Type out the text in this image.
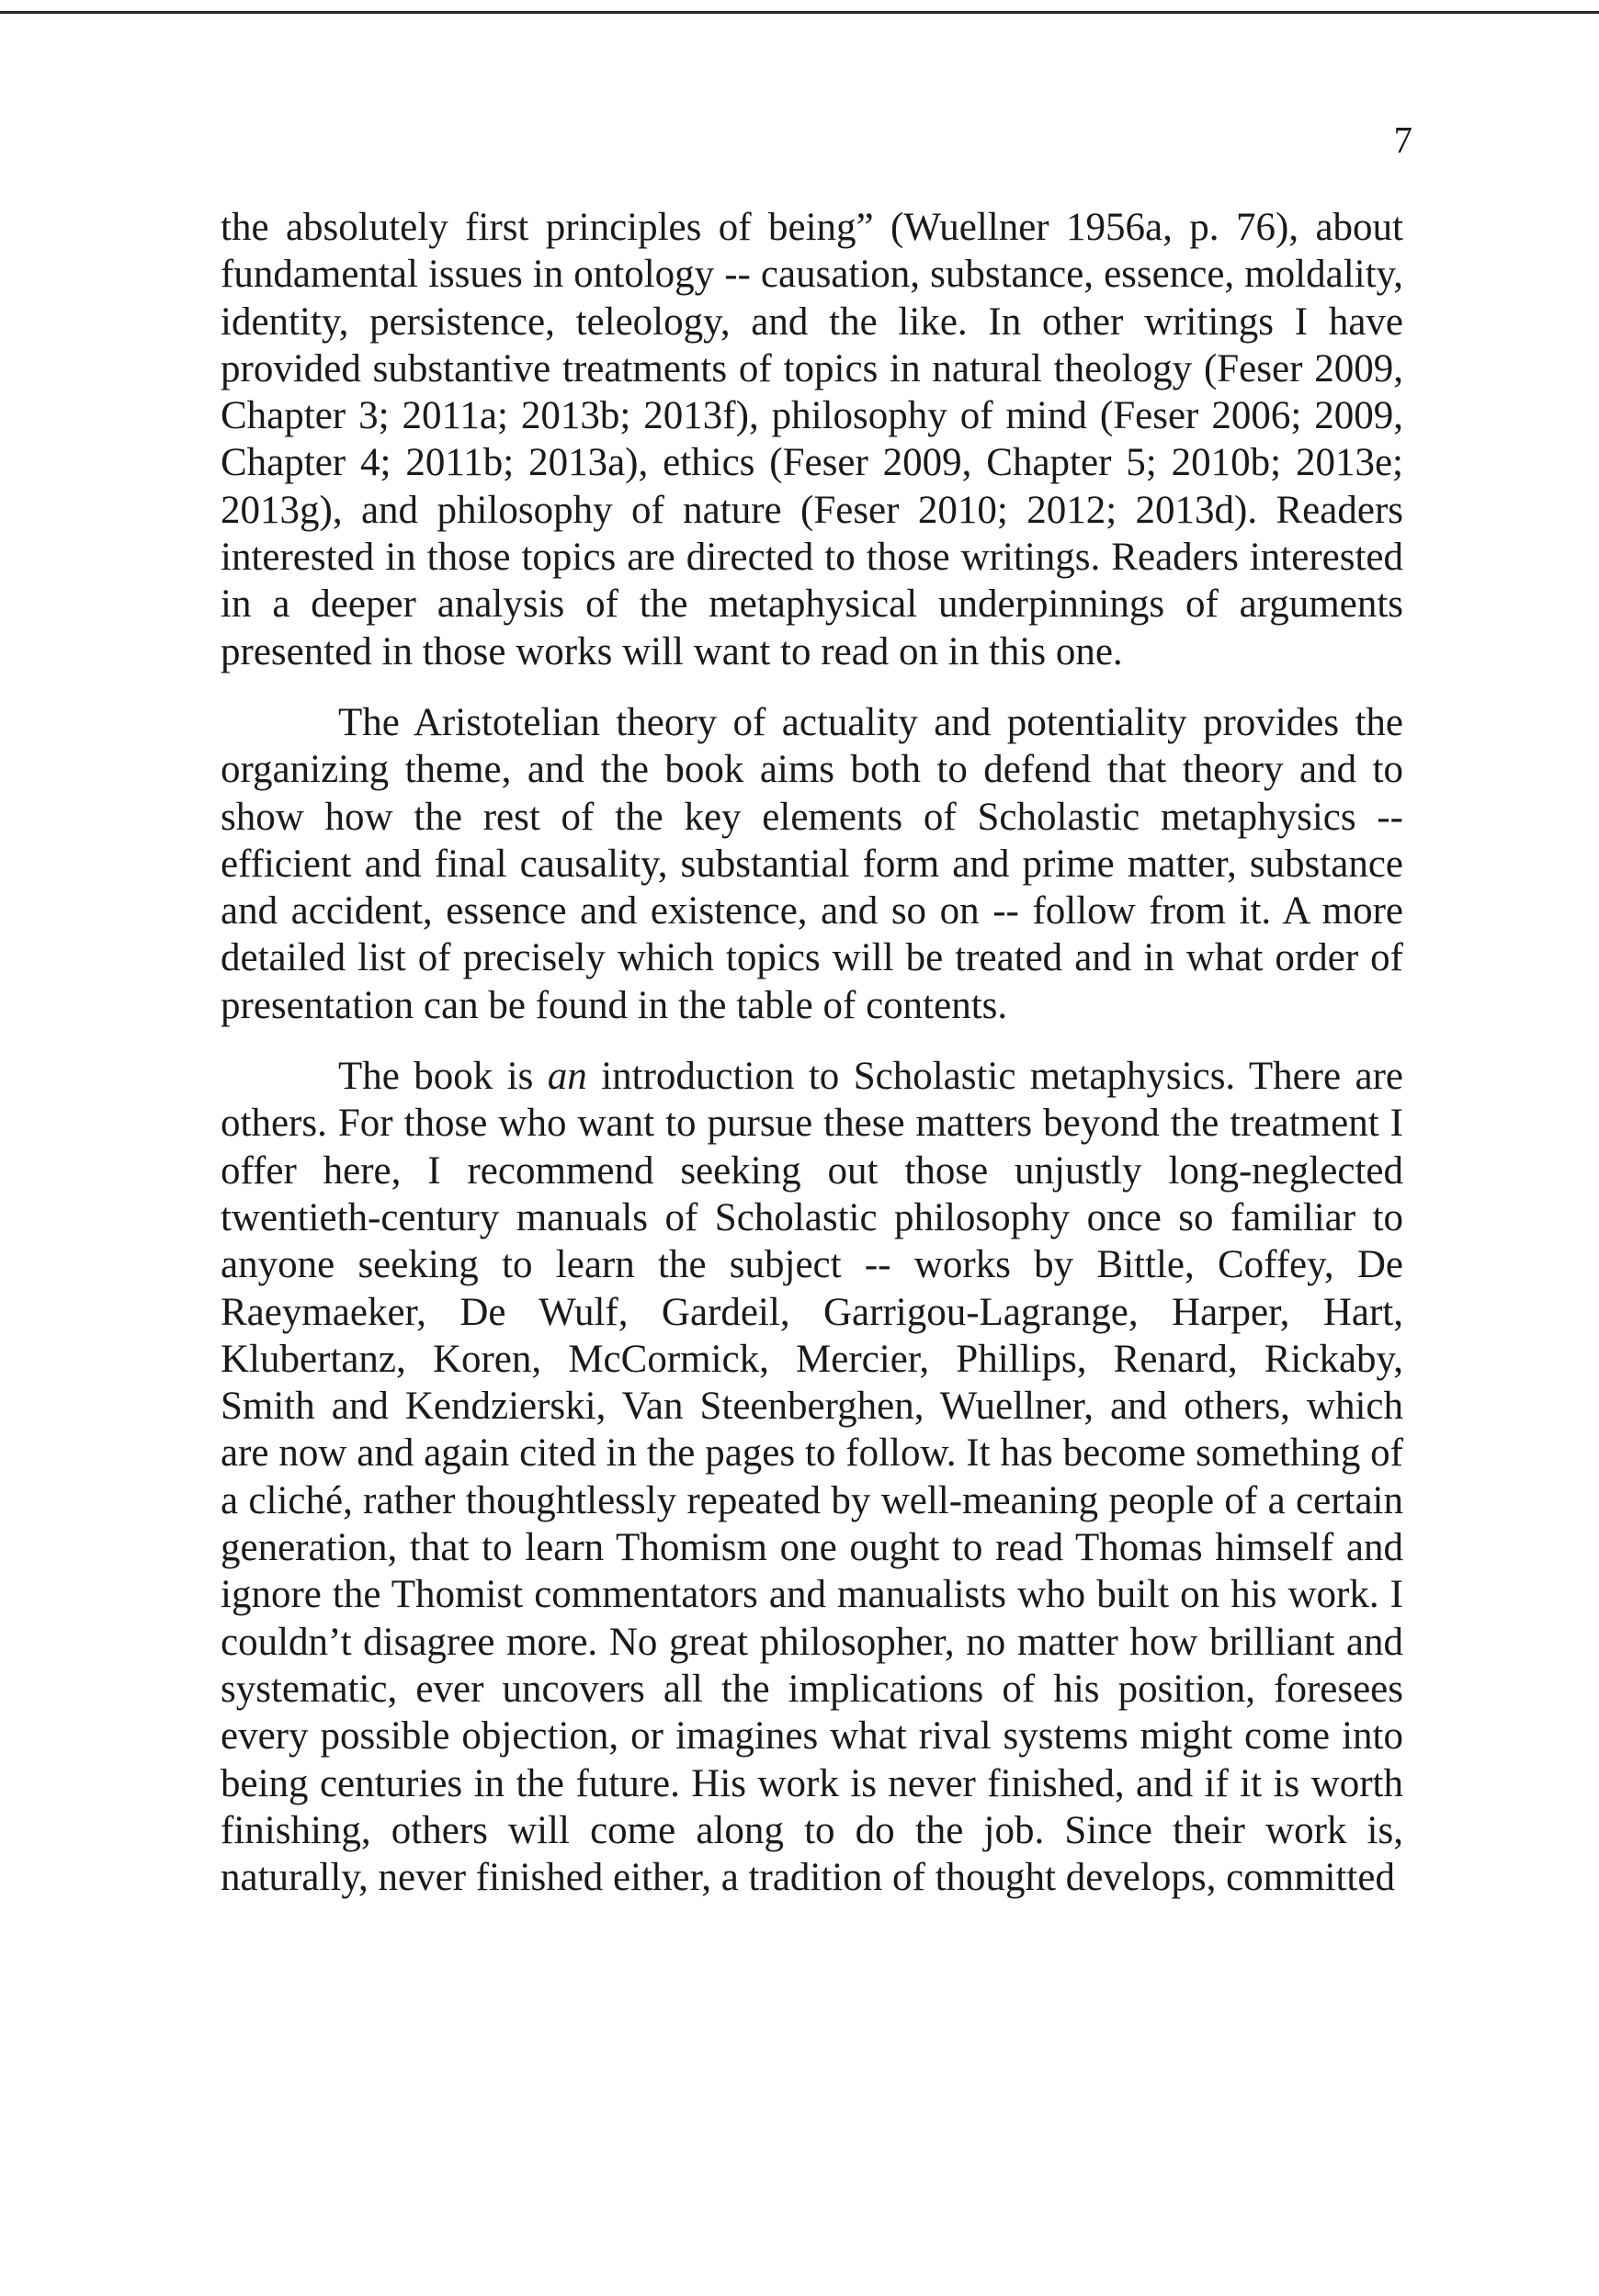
7

the absolutely first principles of being” (Wuellner 1956a, p. 76), about fundamental issues in ontology -- causation, substance, essence, moldality, identity, persistence, teleology, and the like. In other writings I have provided substantive treatments of topics in natural theology (Feser 2009, Chapter 3; 2011a; 2013b; 2013f), philosophy of mind (Feser 2006; 2009, Chapter 4; 2011b; 2013a), ethics (Feser 2009, Chapter 5; 2010b; 2013e; 2013g), and philosophy of nature (Feser 2010; 2012; 2013d). Readers interested in those topics are directed to those writings. Readers interested in a deeper analysis of the metaphysical underpinnings of arguments presented in those works will want to read on in this one.

The Aristotelian theory of actuality and potentiality provides the organizing theme, and the book aims both to defend that theory and to show how the rest of the key elements of Scholastic metaphysics -- efficient and final causality, substantial form and prime matter, substance and accident, essence and existence, and so on -- follow from it. A more detailed list of precisely which topics will be treated and in what order of presentation can be found in the table of contents.

The book is an introduction to Scholastic metaphysics. There are others. For those who want to pursue these matters beyond the treatment I offer here, I recommend seeking out those unjustly long-neglected twentieth-century manuals of Scholastic philosophy once so familiar to anyone seeking to learn the subject -- works by Bittle, Coffey, De Raeymaeker, De Wulf, Gardeil, Garrigou-Lagrange, Harper, Hart, Klubertanz, Koren, McCormick, Mercier, Phillips, Renard, Rickaby, Smith and Kendzierski, Van Steenberghen, Wuellner, and others, which are now and again cited in the pages to follow. It has become something of a cliché, rather thoughtlessly repeated by well-meaning people of a certain generation, that to learn Thomism one ought to read Thomas himself and ignore the Thomist commentators and manualists who built on his work. I couldn’t disagree more. No great philosopher, no matter how brilliant and systematic, ever uncovers all the implications of his position, foresees every possible objection, or imagines what rival systems might come into being centuries in the future. His work is never finished, and if it is worth finishing, others will come along to do the job. Since their work is, naturally, never finished either, a tradition of thought develops, committed
